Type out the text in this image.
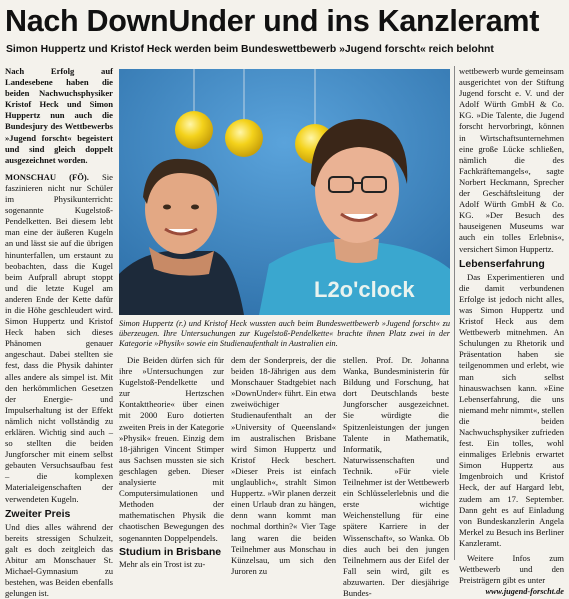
Nach DownUnder und ins Kanzleramt
Simon Huppertz und Kristof Heck werden beim Bundeswettbewerb »Jugend forscht« reich belohnt

Nach Erfolg auf Landesebene haben die beiden Nachwuchsphysiker Kristof Heck und Simon Huppertz nun auch die Bundesjury des Wettbewerbs »Jugend forscht« begeistert und sind gleich doppelt ausgezeichnet worden.

MONSCHAU (FÖ). Sie faszinieren nicht nur Schüler im Physikunterricht: sogenannte Kugelstoß-Pendelketten. Bei diesem lebt man eine der äußeren Kugeln an und lässt sie auf die übrigen hinunterfallen, um erstaunt zu beobachten, dass die Kugel beim Aufprall abrupt stoppt und die letzte Kugel am anderen Ende der Kette dafür in die Höhe geschleudert wird. Simon Huppertz und Kristof Heck haben sich dieses Phänomen genauer angeschaut. Dabei stellten sie fest, dass die Physik dahinter alles andere als simpel ist. Mit den herkömmlichen Gesetzen der Energie- und Impulserhaltung ist der Effekt nämlich nicht vollständig zu erklären. Wichtig sind auch – so stellten die beiden Jungforscher mit einem selbst gebauten Versuchsaufbau fest – die komplexen Materialeigenschaften der verwendeten Kugeln.

Zweiter Preis

Und dies alles während der bereits stressigen Schulzeit, galt es doch zeitgleich das Abitur am Monschauer St. Michael-Gymnasium zu bestehen, was Beiden ebenfalls gelungen ist.

L2o'clock
Simon Huppertz (r.) und Kristof Heck wussten auch beim Bundeswettbewerb »Jugend forscht« zu überzeugen. Ihre Untersuchungen zur Kugelstoß-Pendelkette« brachte ihnen Platz zwei in der Kategorie »Physik« sowie ein Studienaufenthalt in Australien ein.

Die Beiden dürfen sich für ihre »Untersuchungen zur Kugelstoß-Pendelkette und zur Hertzschen Kontakttheorie« über einen mit 2000 Euro dotierten zweiten Preis in der Kategorie »Physik« freuen. Einzig dem 18-jährigen Vincent Stimper aus Sachsen mussten sie sich geschlagen geben. Dieser analysierte mit Computersimulationen und Methoden der mathematischen Physik die chaotischen Bewegungen des sogenannten Doppelpendels.

Studium in Brisbane

Mehr als ein Trost ist zu-

dem der Sonderpreis, der die beiden 18-Jährigen aus dem Monschauer Stadtgebiet nach »DownUnder« führt. Ein etwa zweiwöchiger Studienaufenthalt an der »University of Queensland« im australischen Brisbane wird Simon Huppertz und Kristof Heck beschert. »Dieser Preis ist einfach unglaublich«, strahlt Simon Huppertz. »Wir planen derzeit einen Urlaub dran zu hängen, denn wann kommt man nochmal dorthin?« Vier Tage lang waren die beiden Teilnehmer aus Monschau in Künzelsau, um sich den Juroren zu

stellen. Prof. Dr. Johanna Wanka, Bundesministerin für Bildung und Forschung, hat dort Deutschlands beste Jungforscher ausgezeichnet. Sie würdigte die Spitzenleistungen der jungen Talente in Mathematik, Informatik, Naturwissenschaften und Technik. »Für viele Teilnehmer ist der Wettbewerb ein Schlüsselerlebnis und die erste wichtige Weichenstellung für eine spätere Karriere in der Wissenschaft«, so Wanka. Ob dies auch bei den jungen Teilnehmern aus der Eifel der Fall sein wird, gilt es abzuwarten. Der diesjährige Bundes-

wettbewerb wurde gemeinsam ausgerichtet von der Stiftung Jugend forscht e. V. und der Adolf Würth GmbH & Co. KG. »Die Talente, die Jugend forscht hervorbringt, können in Wirtschaftsunternehmen eine große Lücke schließen, nämlich die des Fachkräftemangels«, sagte Norbert Heckmann, Sprecher der Geschäftsleitung der Adolf Würth GmbH & Co. KG. »Der Besuch des hauseigenen Museums war auch ein tolles Erlebnis«, versichert Simon Huppertz.

Lebenserfahrung

Das Experimentieren und die damit verbundenen Erfolge ist jedoch nicht alles, was Simon Huppertz und Kristof Heck aus dem Wettbewerb mitnehmen. An Schulungen zu Rhetorik und Präsentation haben sie teilgenommen und erlebt, wie man sich selbst hinauswachsen kann. »Eine Lebenserfahrung, die uns niemand mehr nimmt«, stellen die beiden Nachwuchsphysiker zufrieden fest. Ein tolles, wohl einmaliges Erlebnis erwartet Simon Huppertz aus Imgenbroich und Kristof Heck, der auf Hargard lebt, zudem am 17. September. Dann geht es auf Einladung von Bundeskanzlerin Angela Merkel zu Besuch ins Berliner Kanzleramt.

Weitere Infos zum Wettbewerb und den Preisträgern gibt es unter

www.jugend-forscht.de
